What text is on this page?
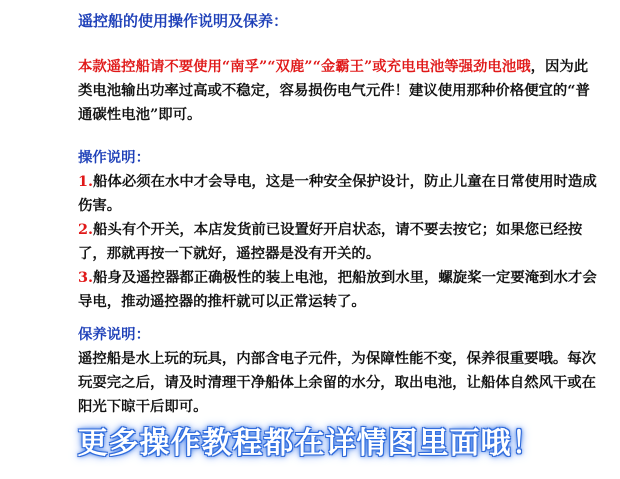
遥控船的使用操作说明及保养：
本款遥控船请不要使用“南孚”“双鹿”“金霸王”或充电电池等强劲电池哦，因为此类电池输出功率过高或不稳定，容易损伤电气元件！建议使用那种价格便宜的“普通碳性电池”即可。
操作说明：

1.船体必须在水中才会导电，这是一种安全保护设计，防止儿童在日常使用时造成伤害。

2.船头有个开关，本店发货前已设置好开启状态，请不要去按它；如果您已经按了，那就再按一下就好，遥控器是没有开关的。

3.船身及遥控器都正确极性的装上电池，把船放到水里，螺旋桨一定要淹到水才会导电，推动遥控器的推杆就可以正常运转了。

保养说明：
遥控船是水上玩的玩具，内部含电子元件，为保障性能不变，保养很重要哦。每次玩耍完之后，请及时清理干净船体上余留的水分，取出电池，让船体自然风干或在阳光下晾干后即可。
更多操作教程都在详情图里面哦！
